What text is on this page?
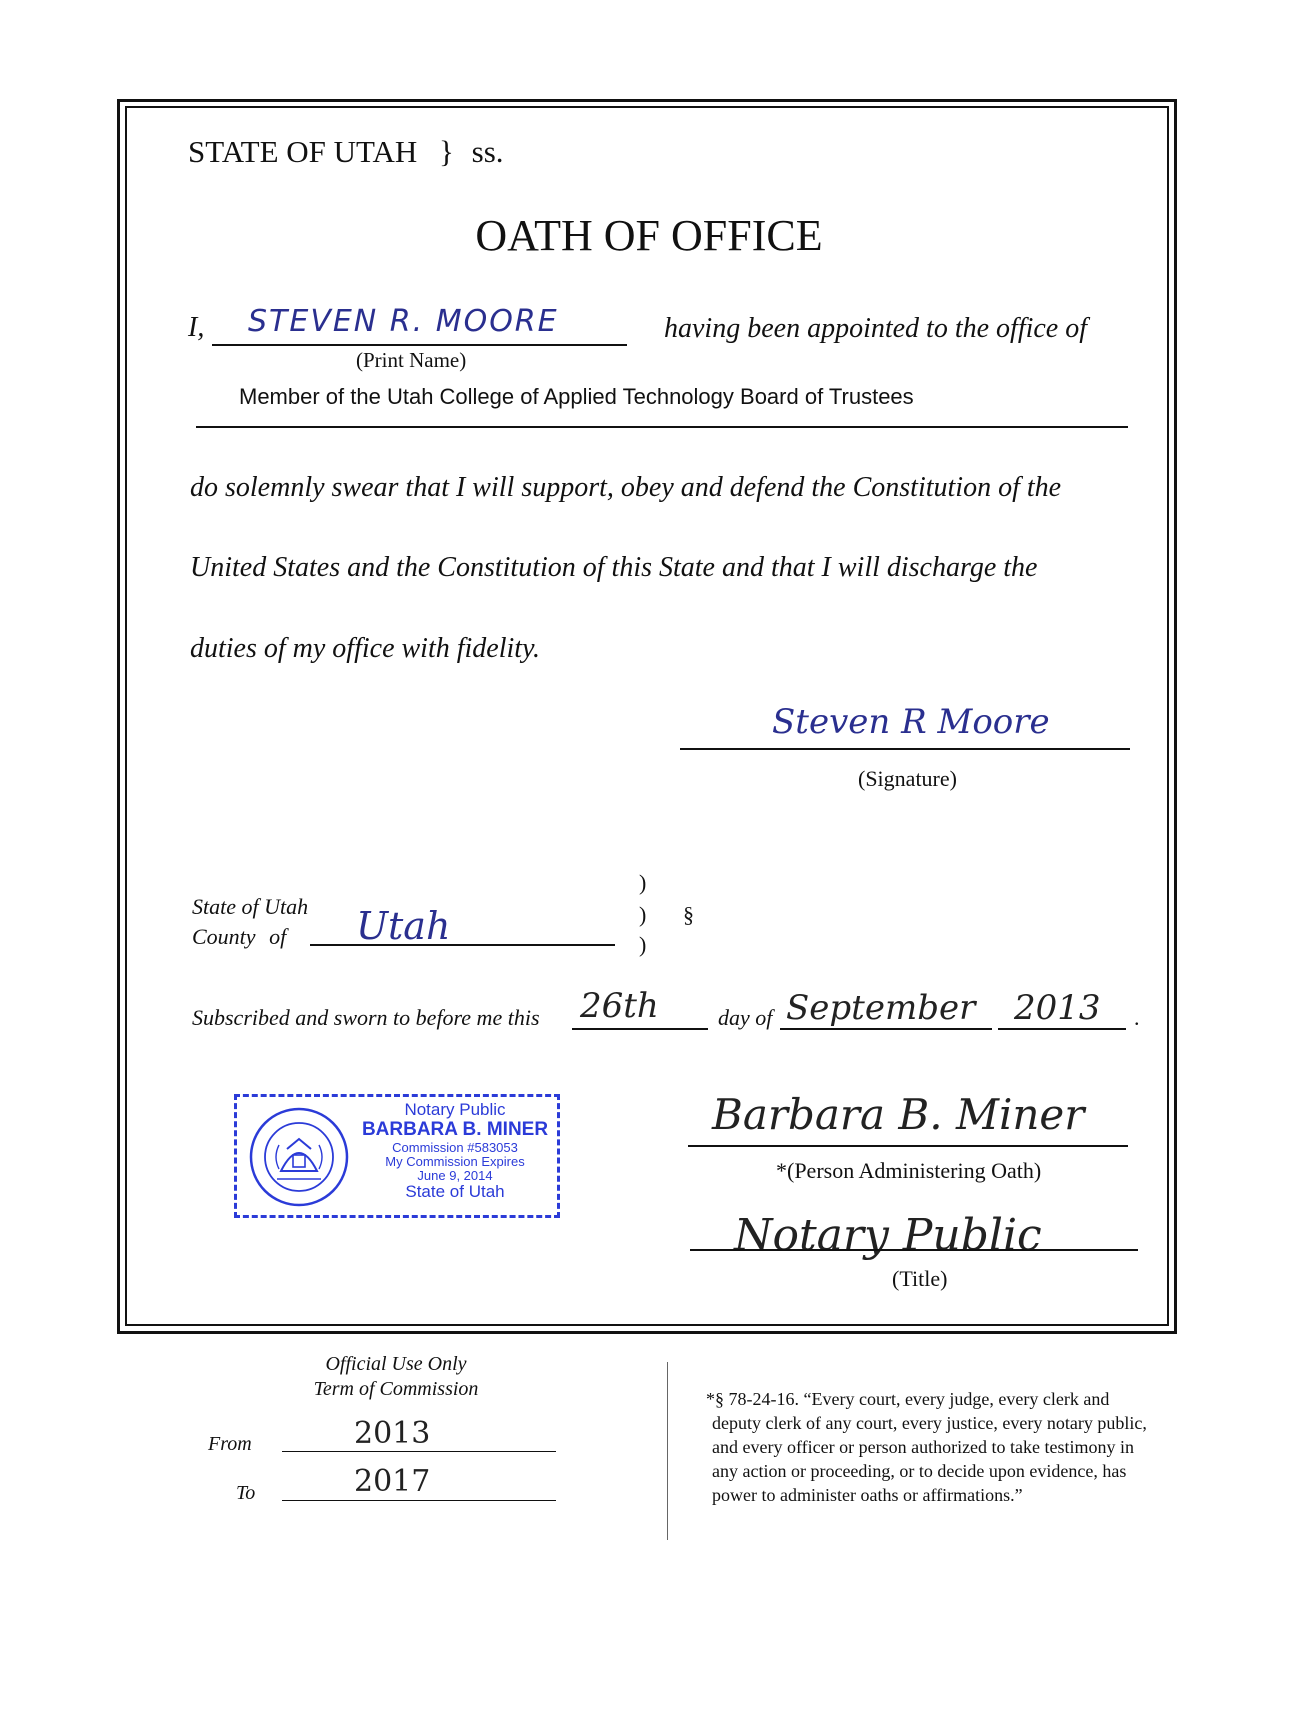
STATE OF UTAH } ss.
OATH OF OFFICE
I, STEVEN R. MOORE
(Print Name)
having been appointed to the office of
Member of the Utah College of Applied Technology Board of Trustees
do solemnly swear that I will support, obey and defend the Constitution of the
United States and the Constitution of this State and that I will discharge the
duties of my office with fidelity.
Steven R Moore
(Signature)
State of Utah
County of Utah
)
)
)
§
Subscribed and sworn to before me this 26th	day of September 2013 .
Notary Public
BARBARA B. MINER
Commission #583053
My Commission Expires
June 9, 2014
State of Utah
Barbara B. Miner
*(Person Administering Oath)
Notary Public
(Title)
Official Use Only
Term of Commission
From	2013
To	2017
*§ 78-24-16. “Every court, every judge, every clerk and
deputy clerk of any court, every justice, every notary public,
and every officer or person authorized to take testimony in
any action or proceeding, or to decide upon evidence, has
power to administer oaths or affirmations.”
